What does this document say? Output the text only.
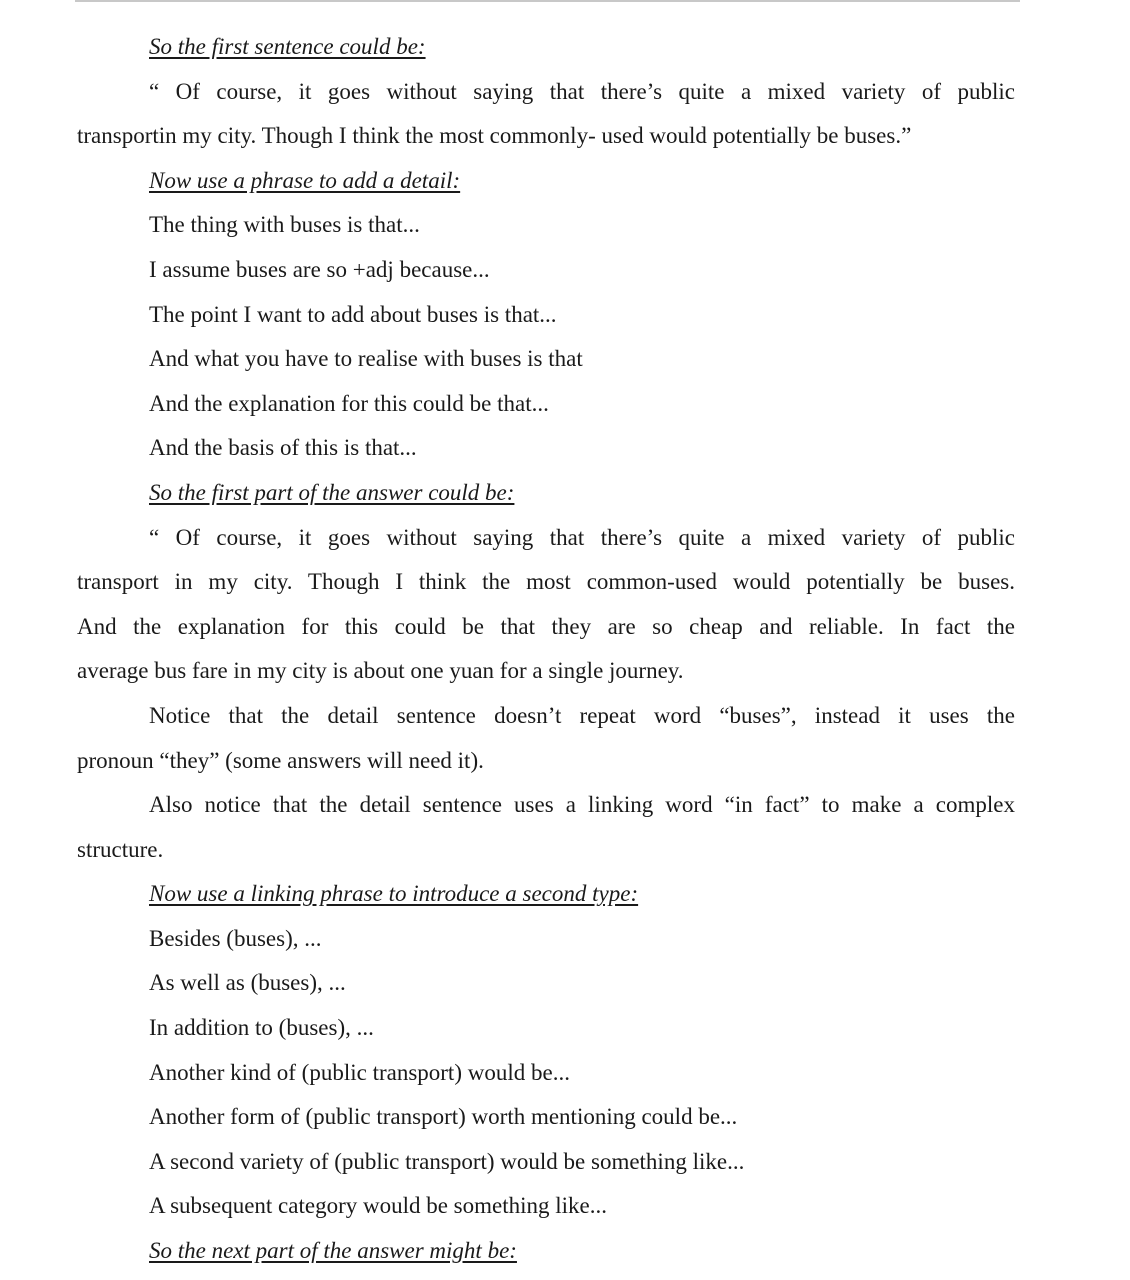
So the first sentence could be:
“ Of course, it goes without saying that there’s quite a mixed variety of public
transportin my city. Though I think the most commonly- used would potentially be buses.”
Now use a phrase to add a detail:
The thing with buses is that...
I assume buses are so +adj because...
The point I want to add about buses is that...
And what you have to realise with buses is that
And the explanation for this could be that...
And the basis of this is that...
So the first part of the answer could be:
“ Of course, it goes without saying that there’s quite a mixed variety of public
transport in my city. Though I think the most common-used would potentially be buses.
And the explanation for this could be that they are so cheap and reliable. In fact the
average bus fare in my city is about one yuan for a single journey.
Notice that the detail sentence doesn’t repeat word “buses”, instead it uses the
pronoun “they” (some answers will need it).
Also notice that the detail sentence uses a linking word “in fact” to make a complex
structure.
Now use a linking phrase to introduce a second type:
Besides (buses), ...
As well as (buses), ...
In addition to (buses), ...
Another kind of (public transport) would be...
Another form of (public transport) worth mentioning could be...
A second variety of (public transport) would be something like...
A subsequent category would be something like...
So the next part of the answer might be:
